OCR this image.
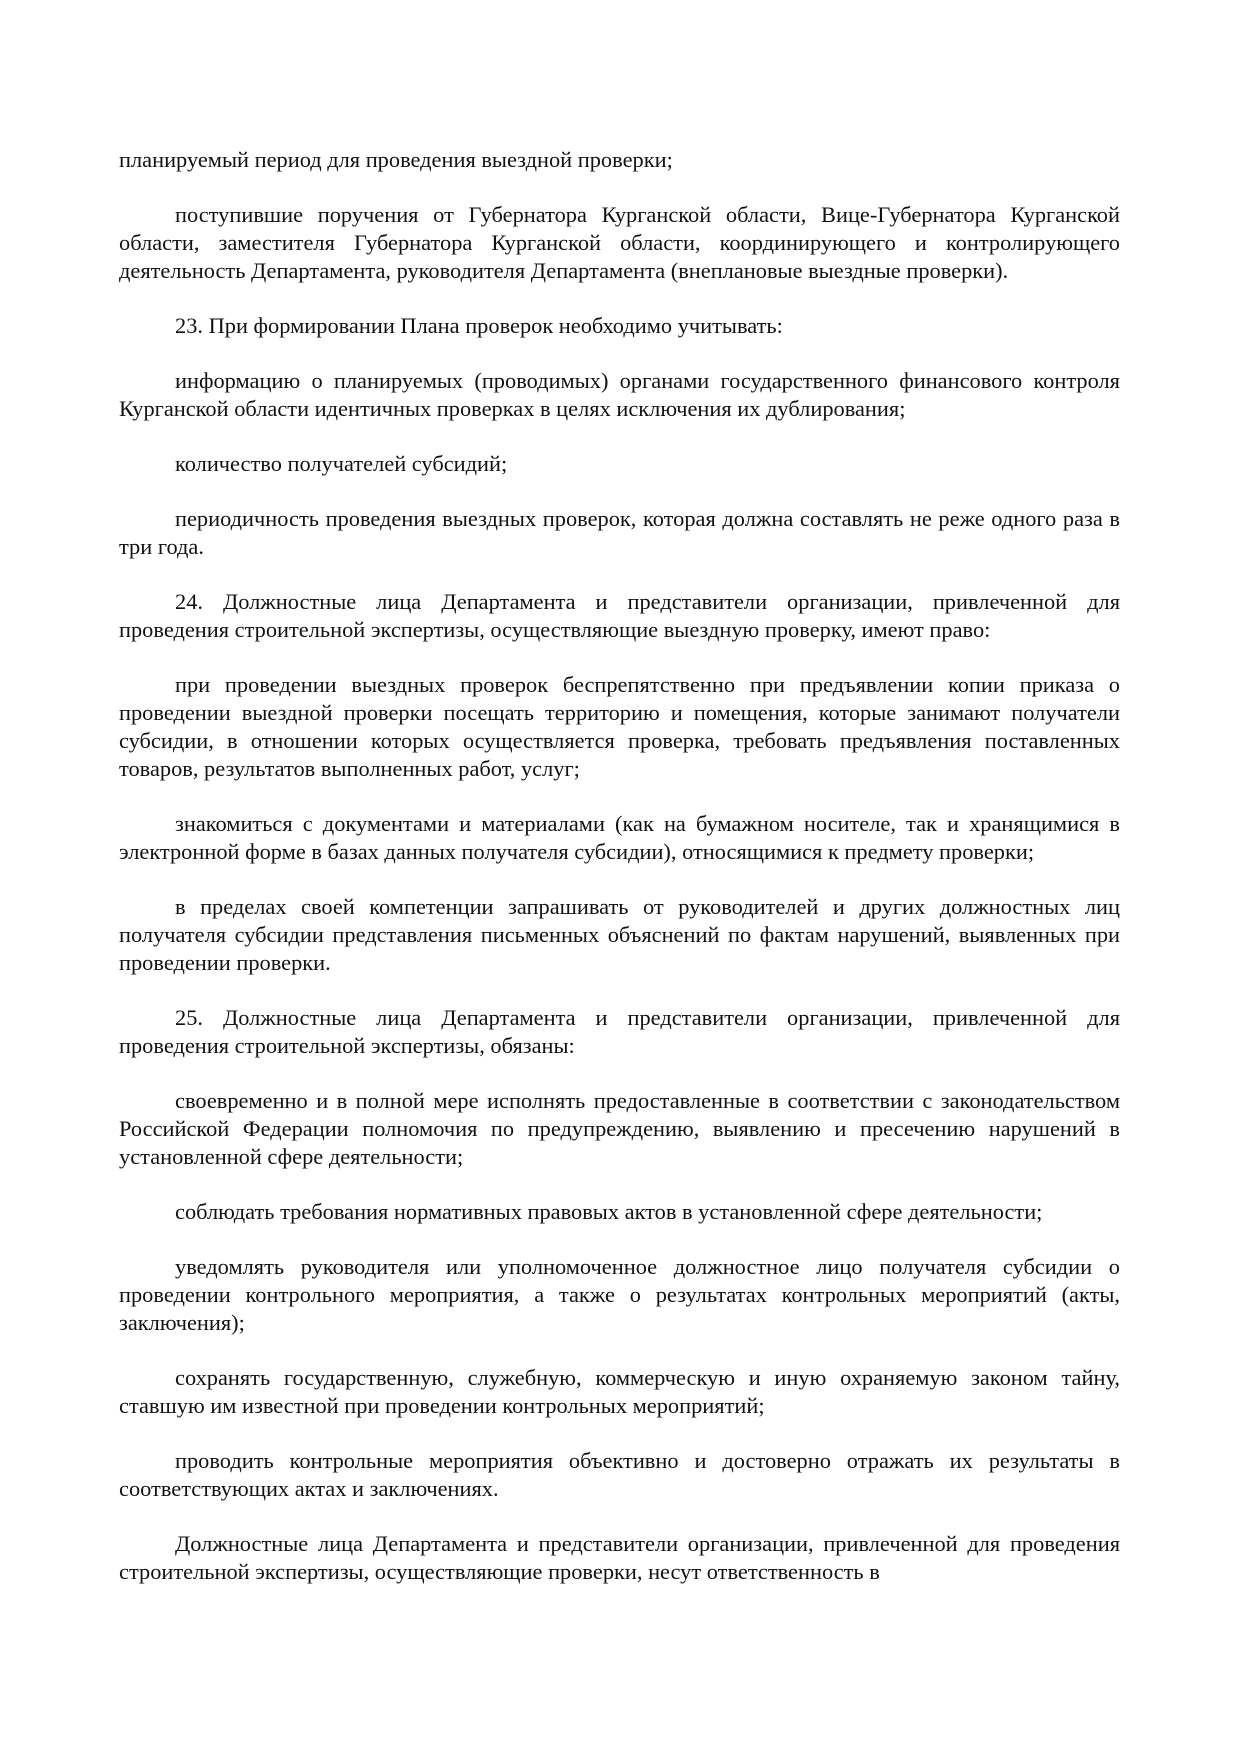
планируемый период для проведения выездной проверки;

поступившие поручения от Губернатора Курганской области, Вице-Губернатора Курганской области, заместителя Губернатора Курганской области, координирующего и контролирующего деятельность Департамента, руководителя Департамента (внеплановые выездные проверки).

23. При формировании Плана проверок необходимо учитывать:

информацию о планируемых (проводимых) органами государственного финансового контроля Курганской области идентичных проверках в целях исключения их дублирования;

количество получателей субсидий;

периодичность проведения выездных проверок, которая должна составлять не реже одного раза в три года.

24. Должностные лица Департамента и представители организации, привлеченной для проведения строительной экспертизы, осуществляющие выездную проверку, имеют право:

при проведении выездных проверок беспрепятственно при предъявлении копии приказа о проведении выездной проверки посещать территорию и помещения, которые занимают получатели субсидии, в отношении которых осуществляется проверка, требовать предъявления поставленных товаров, результатов выполненных работ, услуг;

знакомиться с документами и материалами (как на бумажном носителе, так и хранящимися в электронной форме в базах данных получателя субсидии), относящимися к предмету проверки;

в пределах своей компетенции запрашивать от руководителей и других должностных лиц получателя субсидии представления письменных объяснений по фактам нарушений, выявленных при проведении проверки.

25. Должностные лица Департамента и представители организации, привлеченной для проведения строительной экспертизы, обязаны:

своевременно и в полной мере исполнять предоставленные в соответствии с законодательством Российской Федерации полномочия по предупреждению, выявлению и пресечению нарушений в установленной сфере деятельности;

соблюдать требования нормативных правовых актов в установленной сфере деятельности;

уведомлять руководителя или уполномоченное должностное лицо получателя субсидии о проведении контрольного мероприятия, а также о результатах контрольных мероприятий (акты, заключения);

сохранять государственную, служебную, коммерческую и иную охраняемую законом тайну, ставшую им известной при проведении контрольных мероприятий;

проводить контрольные мероприятия объективно и достоверно отражать их результаты в соответствующих актах и заключениях.

Должностные лица Департамента и представители организации, привлеченной для проведения строительной экспертизы, осуществляющие проверки, несут ответственность в
